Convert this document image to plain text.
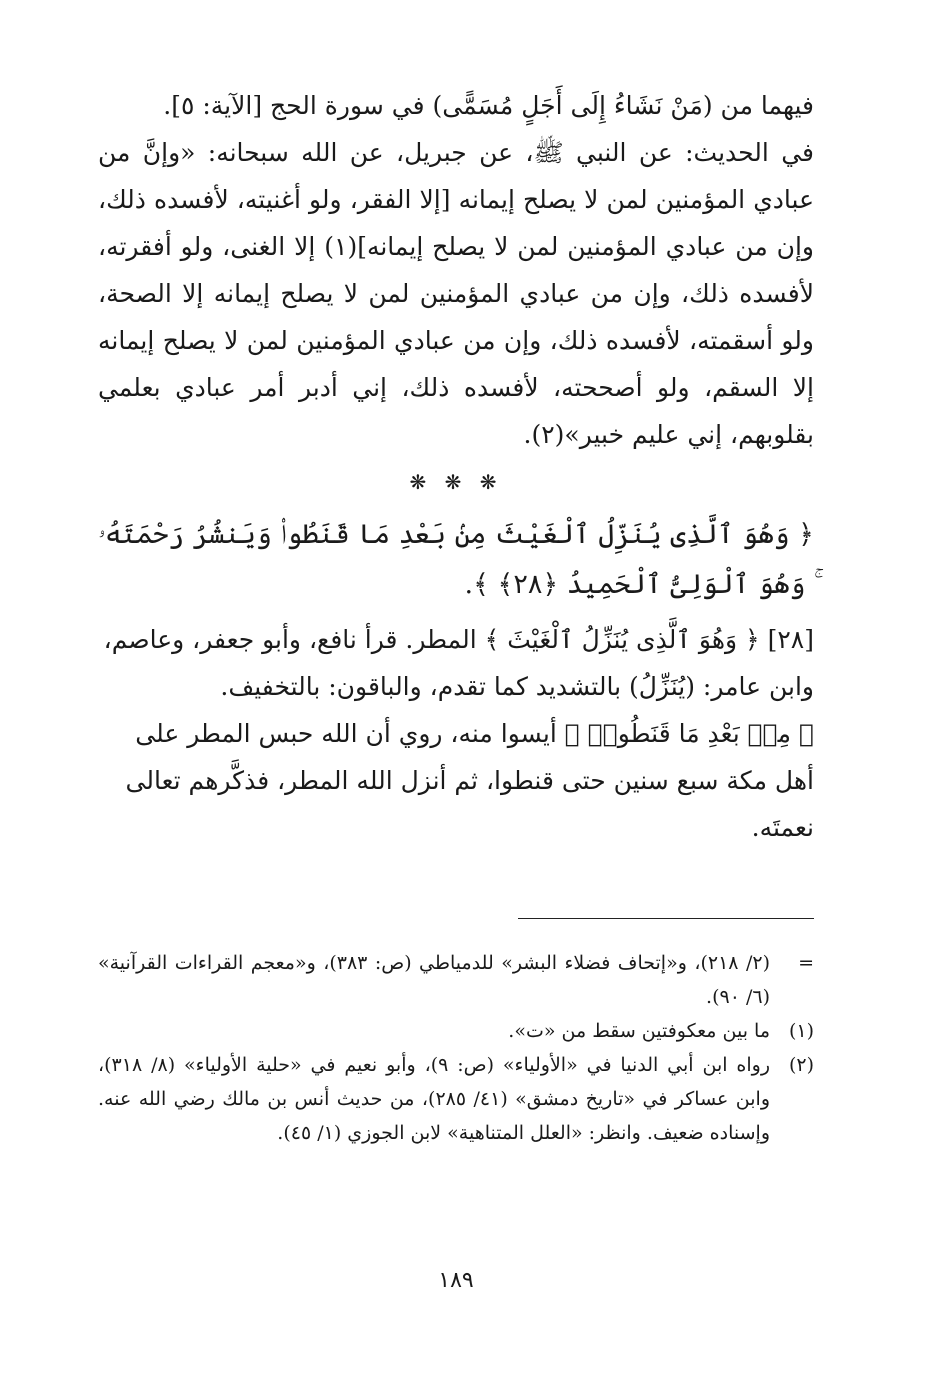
فيهما من (مَنْ نَشَاءُ إِلَى أَجَلٍ مُسَمًّى) في سورة الحج [الآية: ٥].

في الحديث: عن النبي ﷺ، عن جبريل، عن الله سبحانه: «وإنَّ من عبادي المؤمنين لمن لا يصلح إيمانه [إلا الفقر، ولو أغنيته، لأفسده ذلك، وإن من عبادي المؤمنين لمن لا يصلح إيمانه](١) إلا الغنى، ولو أفقرته، لأفسده ذلك، وإن من عبادي المؤمنين لمن لا يصلح إيمانه إلا الصحة، ولو أسقمته، لأفسده ذلك، وإن من عبادي المؤمنين لمن لا يصلح إيمانه إلا السقم، ولو أصححته، لأفسده ذلك، إني أدبر أمر عبادي بعلمي بقلوبهم، إني عليم خبير»(٢).

❋ ❋ ❋

﴿ وَهُوَ ٱلَّذِى يُنَزِّلُ ٱلْغَيْثَ مِنۢ بَعْدِ مَا قَنَطُوا۟ وَيَنشُرُ رَحْمَتَهُۥ ۚ وَهُوَ ٱلْوَلِىُّ ٱلْحَمِيدُ ﴿٢٨﴾ ﴾.

[٢٨] ﴿ وَهُوَ ٱلَّذِى يُنَزِّلُ ٱلْغَيْثَ ﴾ المطر. قرأ نافع، وأبو جعفر، وعاصم، وابن عامر: (يُنَزِّلُ) بالتشديد كما تقدم، والباقون: بالتخفيف.

﴿ مِنۢ بَعْدِ مَا قَنَطُوا۟ ﴾ أيسوا منه، روي أن الله حبس المطر على أهل مكة سبع سنين حتى قنطوا، ثم أنزل الله المطر، فذكَّرهم تعالى نعمتَه.

=
(٢/ ٢١٨)، و«إتحاف فضلاء البشر» للدمياطي (ص: ٣٨٣)، و«معجم القراءات القرآنية» (٦/ ٩٠).
(١)
ما بين معكوفتين سقط من «ت».
(٢)
رواه ابن أبي الدنيا في «الأولياء» (ص: ٩)، وأبو نعيم في «حلية الأولياء» (٨/ ٣١٨)، وابن عساكر في «تاريخ دمشق» (٤١/ ٢٨٥)، من حديث أنس بن مالك رضي الله عنه. وإسناده ضعيف. وانظر: «العلل المتناهية» لابن الجوزي (١/ ٤٥).
١٨٩
